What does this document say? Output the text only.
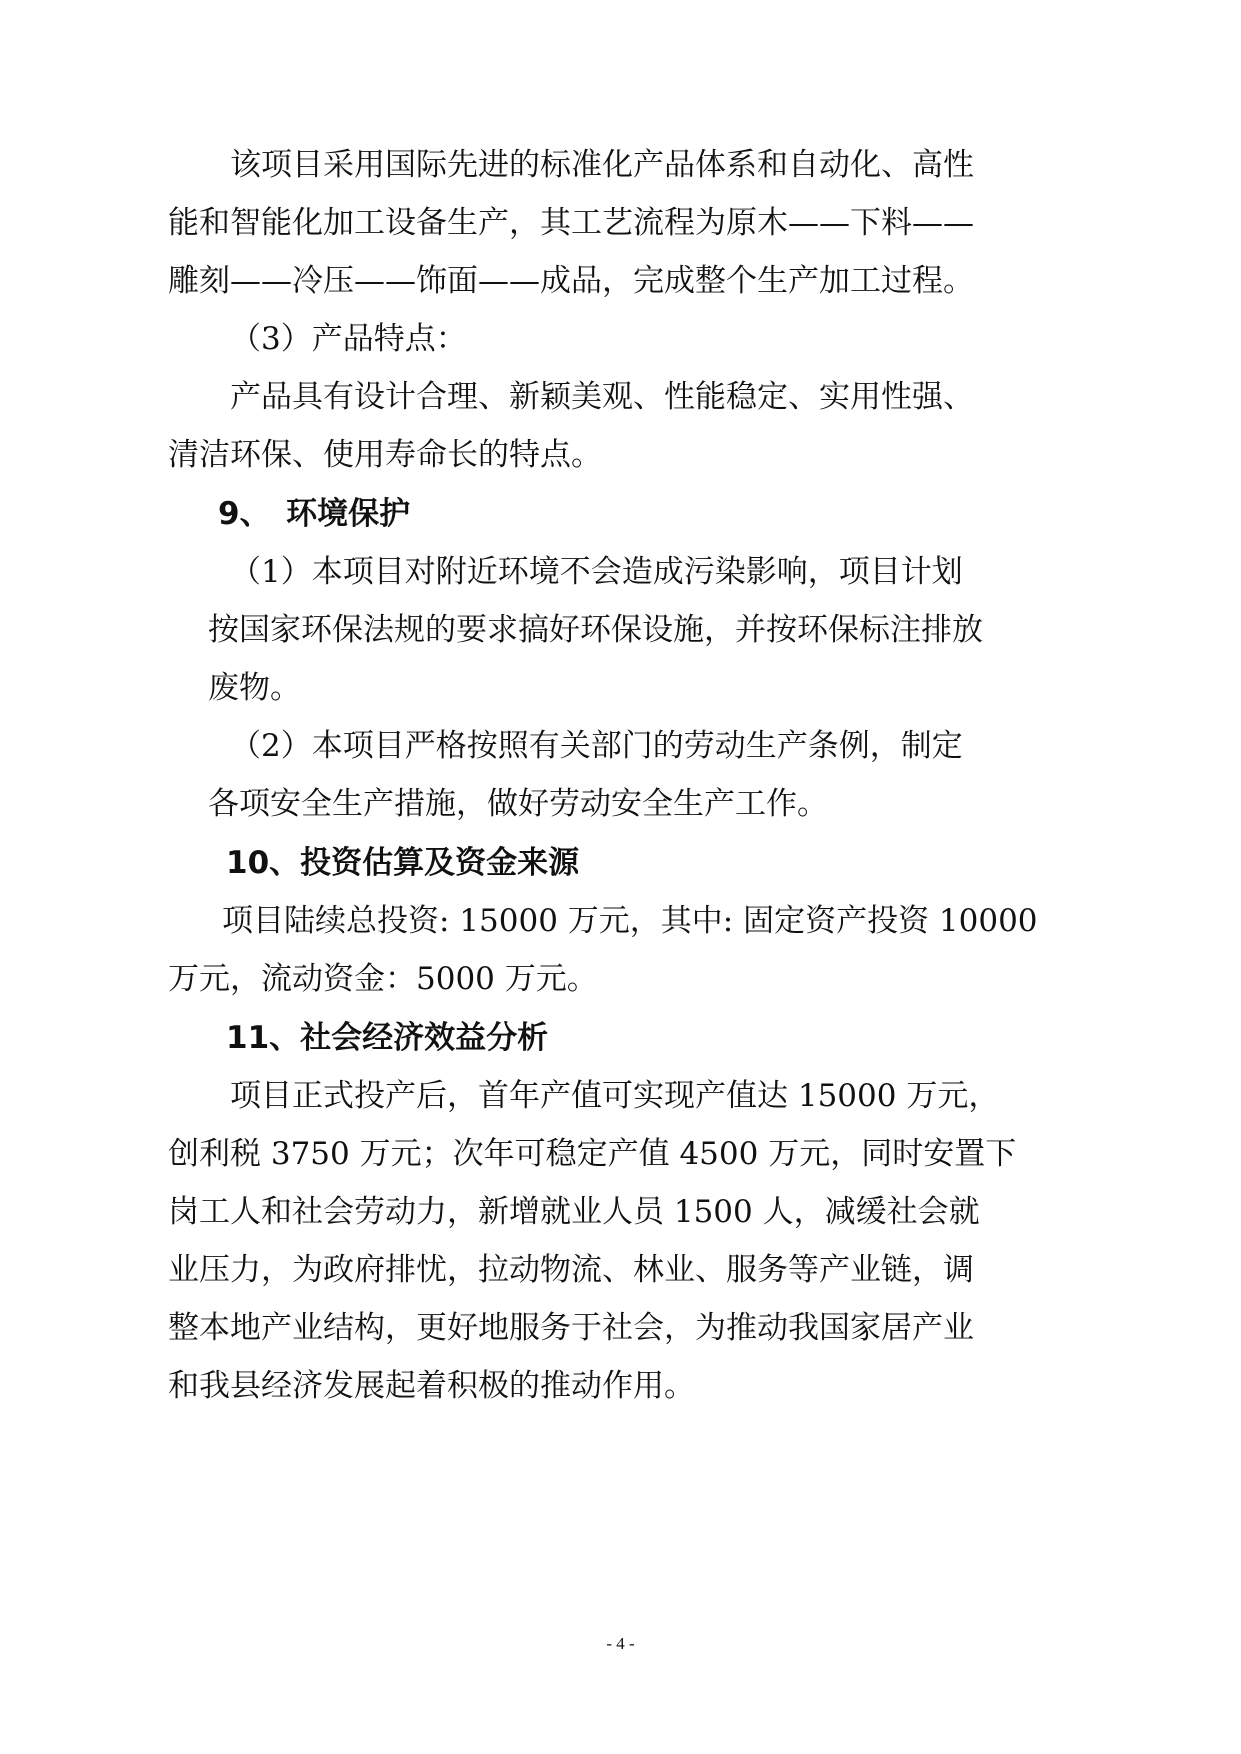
该项目采用国际先进的标准化产品体系和自动化、高性

能和智能化加工设备生产，其工艺流程为原木——下料——

雕刻——冷压——饰面——成品，完成整个生产加工过程。

（3）产品特点：

产品具有设计合理、新颖美观、性能稳定、实用性强、

清洁环保、使用寿命长的特点。

9、　环境保护

（1）本项目对附近环境不会造成污染影响，项目计划

按国家环保法规的要求搞好环保设施，并按环保标注排放

废物。

（2）本项目严格按照有关部门的劳动生产条例，制定

各项安全生产措施，做好劳动安全生产工作。

10、投资估算及资金来源

项目陆续总投资: 15000 万元，其中: 固定资产投资 10000

万元，流动资金：5000 万元。

11、社会经济效益分析

项目正式投产后，首年产值可实现产值达 15000 万元，

创利税 3750 万元；次年可稳定产值 4500 万元，同时安置下

岗工人和社会劳动力，新增就业人员 1500 人，减缓社会就

业压力，为政府排忧，拉动物流、林业、服务等产业链，调

整本地产业结构，更好地服务于社会，为推动我国家居产业

和我县经济发展起着积极的推动作用。

- 4 -
